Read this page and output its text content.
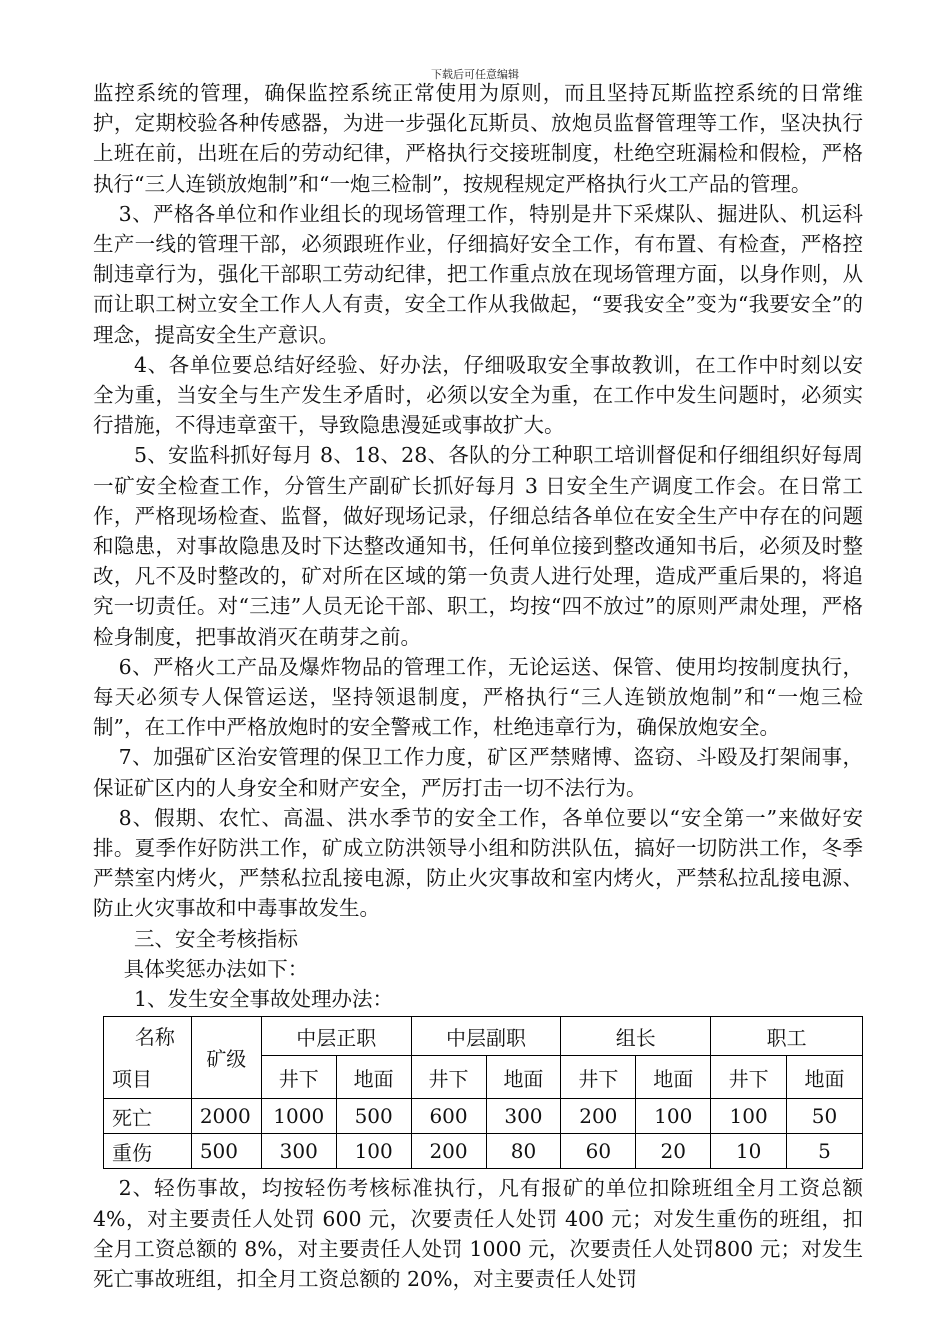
下载后可任意编辑

监控系统的管理，确保监控系统正常使用为原则，而且坚持瓦斯监控系统的日常维护，定期校验各种传感器，为进一步强化瓦斯员、放炮员监督管理等工作，坚决执行上班在前，出班在后的劳动纪律，严格执行交接班制度，杜绝空班漏检和假检，严格执行“三人连锁放炮制”和“一炮三检制”，按规程规定严格执行火工产品的管理。

3、严格各单位和作业组长的现场管理工作，特别是井下采煤队、掘进队、机运科生产一线的管理干部，必须跟班作业，仔细搞好安全工作，有布置、有检查，严格控制违章行为，强化干部职工劳动纪律，把工作重点放在现场管理方面，以身作则，从而让职工树立安全工作人人有责，安全工作从我做起，“要我安全”变为“我要安全”的理念，提高安全生产意识。

4、各单位要总结好经验、好办法，仔细吸取安全事故教训，在工作中时刻以安全为重，当安全与生产发生矛盾时，必须以安全为重，在工作中发生问题时，必须实行措施，不得违章蛮干，导致隐患漫延或事故扩大。

5、安监科抓好每月 8、18、28、各队的分工种职工培训督促和仔细组织好每周一矿安全检查工作，分管生产副矿长抓好每月 3 日安全生产调度工作会。在日常工作，严格现场检查、监督，做好现场记录，仔细总结各单位在安全生产中存在的问题和隐患，对事故隐患及时下达整改通知书，任何单位接到整改通知书后，必须及时整改，凡不及时整改的，矿对所在区域的第一负责人进行处理，造成严重后果的，将追究一切责任。对“三违”人员无论干部、职工，均按“四不放过”的原则严肃处理，严格检身制度，把事故消灭在萌芽之前。

6、严格火工产品及爆炸物品的管理工作，无论运送、保管、使用均按制度执行，每天必须专人保管运送，坚持领退制度，严格执行“三人连锁放炮制”和“一炮三检制”，在工作中严格放炮时的安全警戒工作，杜绝违章行为，确保放炮安全。

7、加强矿区治安管理的保卫工作力度，矿区严禁赌博、盗窃、斗殴及打架闹事，保证矿区内的人身安全和财产安全，严厉打击一切不法行为。

8、假期、农忙、高温、洪水季节的安全工作，各单位要以“安全第一”来做好安排。夏季作好防洪工作，矿成立防洪领导小组和防洪队伍，搞好一切防洪工作，冬季严禁室内烤火，严禁私拉乱接电源，防止火灾事故和室内烤火，严禁私拉乱接电源、防止火灾事故和中毒事故发生。

三、安全考核指标

具体奖惩办法如下：

1、发生安全事故处理办法：

名称
项目	矿级	中层正职		中层副职		组长		职工	
		井下	地面	井下	地面	井下	地面	井下	地面
死亡	2000	1000	500	600	300	200	100	100	50
重伤	500	300	100	200	80	60	20	10	5

2、轻伤事故，均按轻伤考核标准执行，凡有报矿的单位扣除班组全月工资总额 4%，对主要责任人处罚 600 元，次要责任人处罚 400 元；对发生重伤的班组，扣全月工资总额的 8%，对主要责任人处罚 1000 元，次要责任人处罚800 元；对发生死亡事故班组，扣全月工资总额的 20%，对主要责任人处罚
